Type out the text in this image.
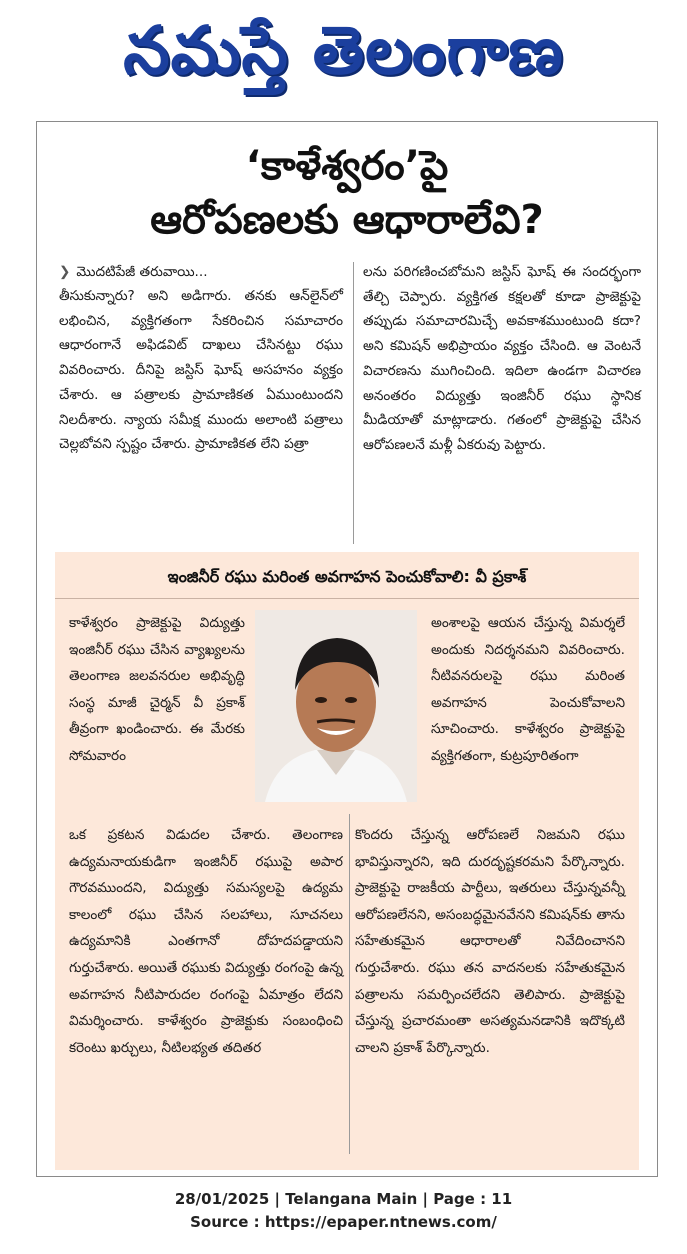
నమస్తే తెలంగాణ
‘కాళేశ్వరం’పై
ఆరోపణలకు ఆధారాలేవి?
❯ మొదటిపేజీ తరువాయి...
తీసుకున్నారు? అని అడిగారు. తనకు ఆన్‌లైన్‌లో లభించిన, వ్యక్తిగతంగా సేకరించిన సమాచారం ఆధారంగానే అఫిడవిట్ దాఖలు చేసినట్టు రఘు వివరించారు. దీనిపై జస్టిస్ ఘోష్ అసహనం వ్యక్తం చేశారు. ఆ పత్రాలకు ప్రామాణికత ఏముంటుందని నిలదీశారు. న్యాయ సమీక్ష ముందు అలాంటి పత్రాలు చెల్లబోవని స్పష్టం చేశారు. ప్రామాణికత లేని పత్రా
లను పరిగణించబోమని జస్టిస్ ఘోష్ ఈ సందర్భంగా తేల్చి చెప్పారు. వ్యక్తిగత కక్షలతో కూడా ప్రాజెక్టుపై తప్పుడు సమాచారమిచ్చే అవకాశముంటుంది కదా? అని కమిషన్ అభిప్రాయం వ్యక్తం చేసింది. ఆ వెంటనే విచారణను ముగించింది. ఇదిలా ఉండగా విచారణ అనంతరం విద్యుత్తు ఇంజినీర్ రఘు స్థానిక మీడియాతో మాట్లాడారు. గతంలో ప్రాజెక్టుపై చేసిన ఆరోపణలనే మళ్లీ ఏకరువు పెట్టారు.
ఇంజినీర్ రఘు మరింత అవగాహన పెంచుకోవాలి: వీ ప్రకాశ్
కాళేశ్వరం ప్రాజెక్టుపై విద్యుత్తు ఇంజినీర్ రఘు చేసిన వ్యాఖ్యలను తెలంగాణ జలవనరుల అభివృద్ధి సంస్థ మాజీ చైర్మన్ వీ ప్రకాశ్ తీవ్రంగా ఖండించారు. ఈ మేరకు సోమవారం
ఒక ప్రకటన విడుదల చేశారు. తెలంగాణ ఉద్యమనాయకుడిగా ఇంజినీర్ రఘుపై అపార గౌరవముందని, విద్యుత్తు సమస్యలపై ఉద్యమ కాలంలో రఘు చేసిన సలహాలు, సూచనలు ఉద్యమానికి ఎంతగానో దోహదపడ్డాయని గుర్తుచేశారు. అయితే రఘుకు విద్యుత్తు రంగంపై ఉన్న అవగాహన నీటిపారుదల రంగంపై ఏమాత్రం లేదని విమర్శించారు. కాళేశ్వరం ప్రాజెక్టుకు సంబంధించి కరెంటు ఖర్చులు, నీటిలభ్యత తదితర
అంశాలపై ఆయన చేస్తున్న విమర్శలే అందుకు నిదర్శనమని వివరించారు. నీటివనరులపై రఘు మరింత అవగాహన పెంచుకోవాలని సూచించారు. కాళేశ్వరం ప్రాజెక్టుపై వ్యక్తిగతంగా, కుట్రపూరితంగా
కొందరు చేస్తున్న ఆరోపణలే నిజమని రఘు భావిస్తున్నారని, ఇది దురదృష్టకరమని పేర్కొన్నారు. ప్రాజెక్టుపై రాజకీయ పార్టీలు, ఇతరులు చేస్తున్నవన్నీ ఆరోపణలేనని, అసంబద్ధమైనవేనని కమిషన్‌కు తాను సహేతుకమైన ఆధారాలతో నివేదించానని గుర్తుచేశారు. రఘు తన వాదనలకు సహేతుకమైన పత్రాలను సమర్పించలేదని తెలిపారు. ప్రాజెక్టుపై చేస్తున్న ప్రచారమంతా అసత్యమనడానికి ఇదొక్కటి చాలని ప్రకాశ్ పేర్కొన్నారు.
28/01/2025 | Telangana Main | Page : 11
Source : https://epaper.ntnews.com/
